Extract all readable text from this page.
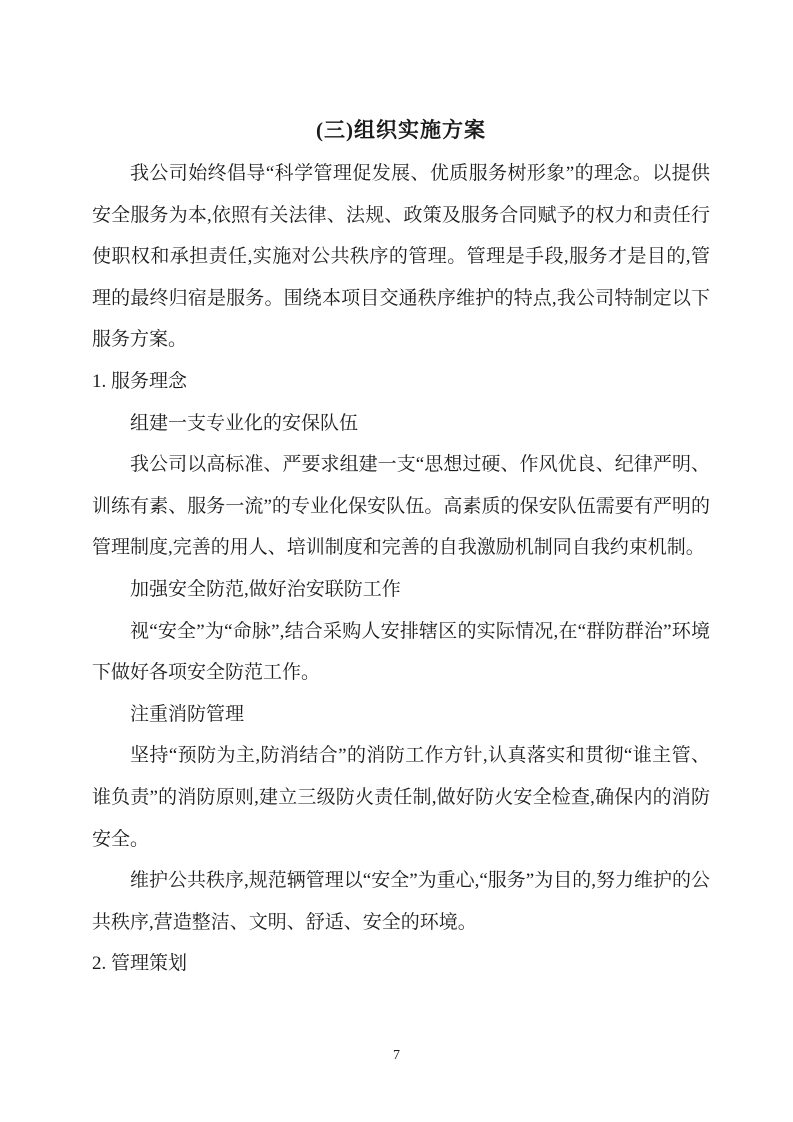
(三)组织实施方案

我公司始终倡导“科学管理促发展、优质服务树形象”的理念。以提供安全服务为本,依照有关法律、法规、政策及服务合同赋予的权力和责任行使职权和承担责任,实施对公共秩序的管理。管理是手段,服务才是目的,管理的最终归宿是服务。围绕本项目交通秩序维护的特点,我公司特制定以下服务方案。

1. 服务理念

组建一支专业化的安保队伍

我公司以高标准、严要求组建一支“思想过硬、作风优良、纪律严明、训练有素、服务一流”的专业化保安队伍。高素质的保安队伍需要有严明的管理制度,完善的用人、培训制度和完善的自我激励机制同自我约束机制。

加强安全防范,做好治安联防工作

视“安全”为“命脉”,结合采购人安排辖区的实际情况,在“群防群治”环境下做好各项安全防范工作。

注重消防管理

坚持“预防为主,防消结合”的消防工作方针,认真落实和贯彻“谁主管、谁负责”的消防原则,建立三级防火责任制,做好防火安全检查,确保内的消防安全。

维护公共秩序,规范辆管理以“安全”为重心,“服务”为目的,努力维护的公共秩序,营造整洁、文明、舒适、安全的环境。

2. 管理策划

7
